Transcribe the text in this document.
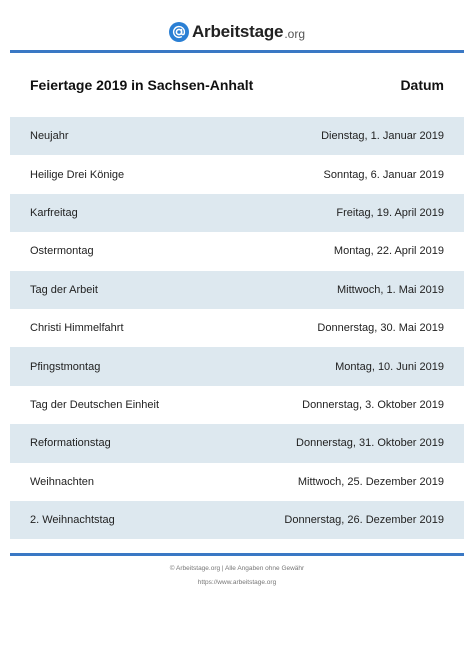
Arbeitstage .org
Feiertage 2019 in Sachsen-Anhalt	Datum
Neujahr	Dienstag, 1. Januar 2019
Heilige Drei Könige	Sonntag, 6. Januar 2019
Karfreitag	Freitag, 19. April 2019
Ostermontag	Montag, 22. April 2019
Tag der Arbeit	Mittwoch, 1. Mai 2019
Christi Himmelfahrt	Donnerstag, 30. Mai 2019
Pfingstmontag	Montag, 10. Juni 2019
Tag der Deutschen Einheit	Donnerstag, 3. Oktober 2019
Reformationstag	Donnerstag, 31. Oktober 2019
Weihnachten	Mittwoch, 25. Dezember 2019
2. Weihnachtstag	Donnerstag, 26. Dezember 2019
© Arbeitstage.org | Alle Angaben ohne Gewähr
https://www.arbeitstage.org
